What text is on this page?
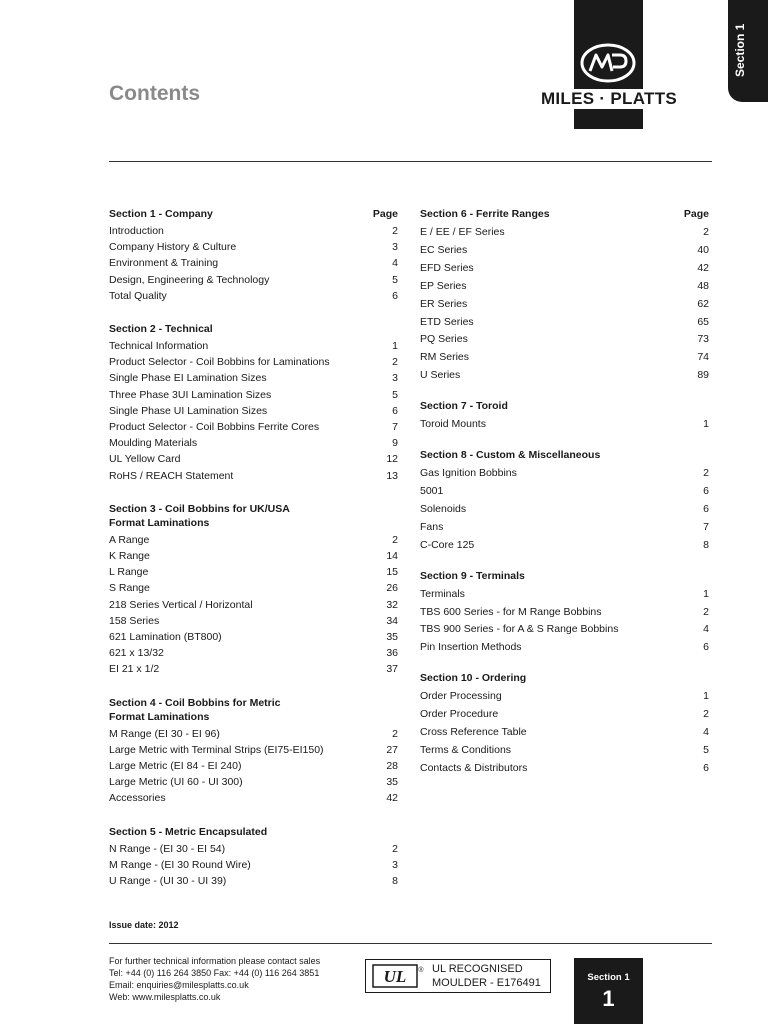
Contents	MILES · PLATTS
Section 1
Section 1 - Company	Page
Introduction	2
Company History & Culture	3
Environment & Training	4
Design, Engineering & Technology	5
Total Quality	6
Section 2 - Technical
Technical Information	1
Product Selector - Coil Bobbins for Laminations	2
Single Phase EI Lamination Sizes	3
Three Phase 3UI Lamination Sizes	5
Single Phase UI Lamination Sizes	6
Product Selector - Coil Bobbins Ferrite Cores	7
Moulding Materials	9
UL Yellow Card	12
RoHS / REACH Statement	13
Section 3 - Coil Bobbins for UK/USA
Format Laminations
A Range	2
K Range	14
L Range	15
S Range	26
218 Series Vertical / Horizontal	32
158 Series	34
621 Lamination (BT800)	35
621 x 13/32	36
EI 21 x 1/2	37
Section 4 - Coil Bobbins for Metric
Format Laminations
M Range (EI 30 - EI 96)	2
Large Metric with Terminal Strips (EI75-EI150)	27
Large Metric (EI 84 - EI 240)	28
Large Metric (UI 60 - UI 300)	35
Accessories	42
Section 5 - Metric Encapsulated
N Range - (EI 30 - EI 54)	2
M Range - (EI 30 Round Wire)	3
U Range - (UI 30 - UI 39)	8
Section 6 - Ferrite Ranges	Page
E / EE / EF Series	2
EC Series	40
EFD Series	42
EP Series	48
ER Series	62
ETD Series	65
PQ Series	73
RM Series	74
U Series	89
Section 7 - Toroid
Toroid Mounts	1
Section 8 - Custom & Miscellaneous
Gas Ignition Bobbins	2
5001	6
Solenoids	6
Fans	7
C-Core 125	8
Section 9 - Terminals
Terminals	1
TBS 600 Series - for M Range Bobbins	2
TBS 900 Series - for A & S Range Bobbins	4
Pin Insertion Methods	6
Section 10 - Ordering
Order Processing	1
Order Procedure	2
Cross Reference Table	4
Terms & Conditions	5
Contacts & Distributors	6
Issue date: 2012
For further technical information please contact sales
Tel: +44 (0) 116 264 3850 Fax: +44 (0) 116 264 3851
Email: enquiries@milesplatts.co.uk
Web: www.milesplatts.co.uk
UL ® UL RECOGNISED
MOULDER - E176491	Section 1
1
